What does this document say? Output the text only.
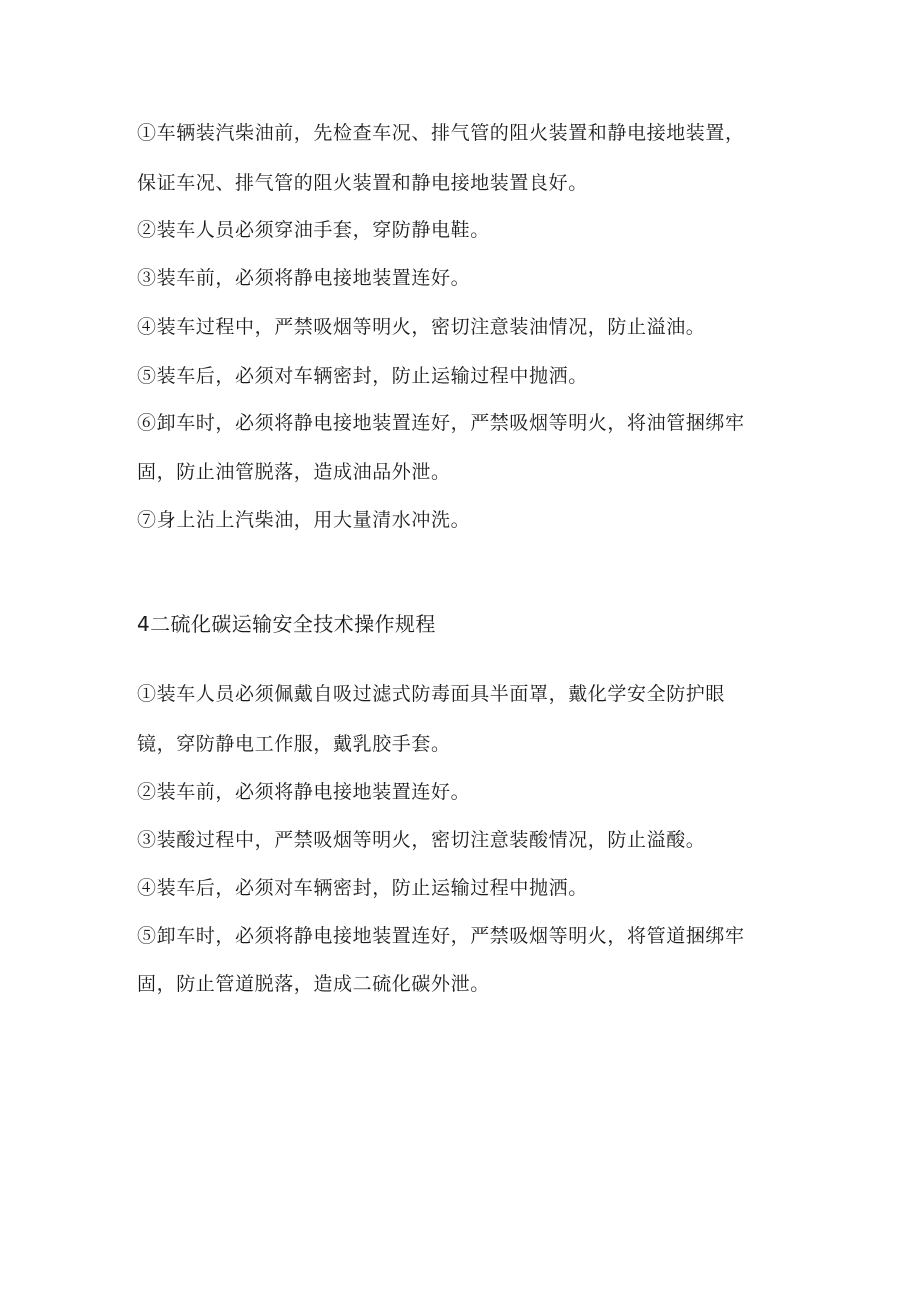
①车辆装汽柴油前，先检查车况、排气管的阻火装置和静电接地装置，
保证车况、排气管的阻火装置和静电接地装置良好。
②装车人员必须穿油手套，穿防静电鞋。
③装车前，必须将静电接地装置连好。
④装车过程中，严禁吸烟等明火，密切注意装油情况，防止溢油。
⑤装车后，必须对车辆密封，防止运输过程中抛洒。
⑥卸车时，必须将静电接地装置连好，严禁吸烟等明火，将油管捆绑牢
固，防止油管脱落，造成油品外泄。
⑦身上沾上汽柴油，用大量清水冲洗。
4二硫化碳运输安全技术操作规程
①装车人员必须佩戴自吸过滤式防毒面具半面罩，戴化学安全防护眼
镜，穿防静电工作服，戴乳胶手套。
②装车前，必须将静电接地装置连好。
③装酸过程中，严禁吸烟等明火，密切注意装酸情况，防止溢酸。
④装车后，必须对车辆密封，防止运输过程中抛洒。
⑤卸车时，必须将静电接地装置连好，严禁吸烟等明火，将管道捆绑牢
固，防止管道脱落，造成二硫化碳外泄。
